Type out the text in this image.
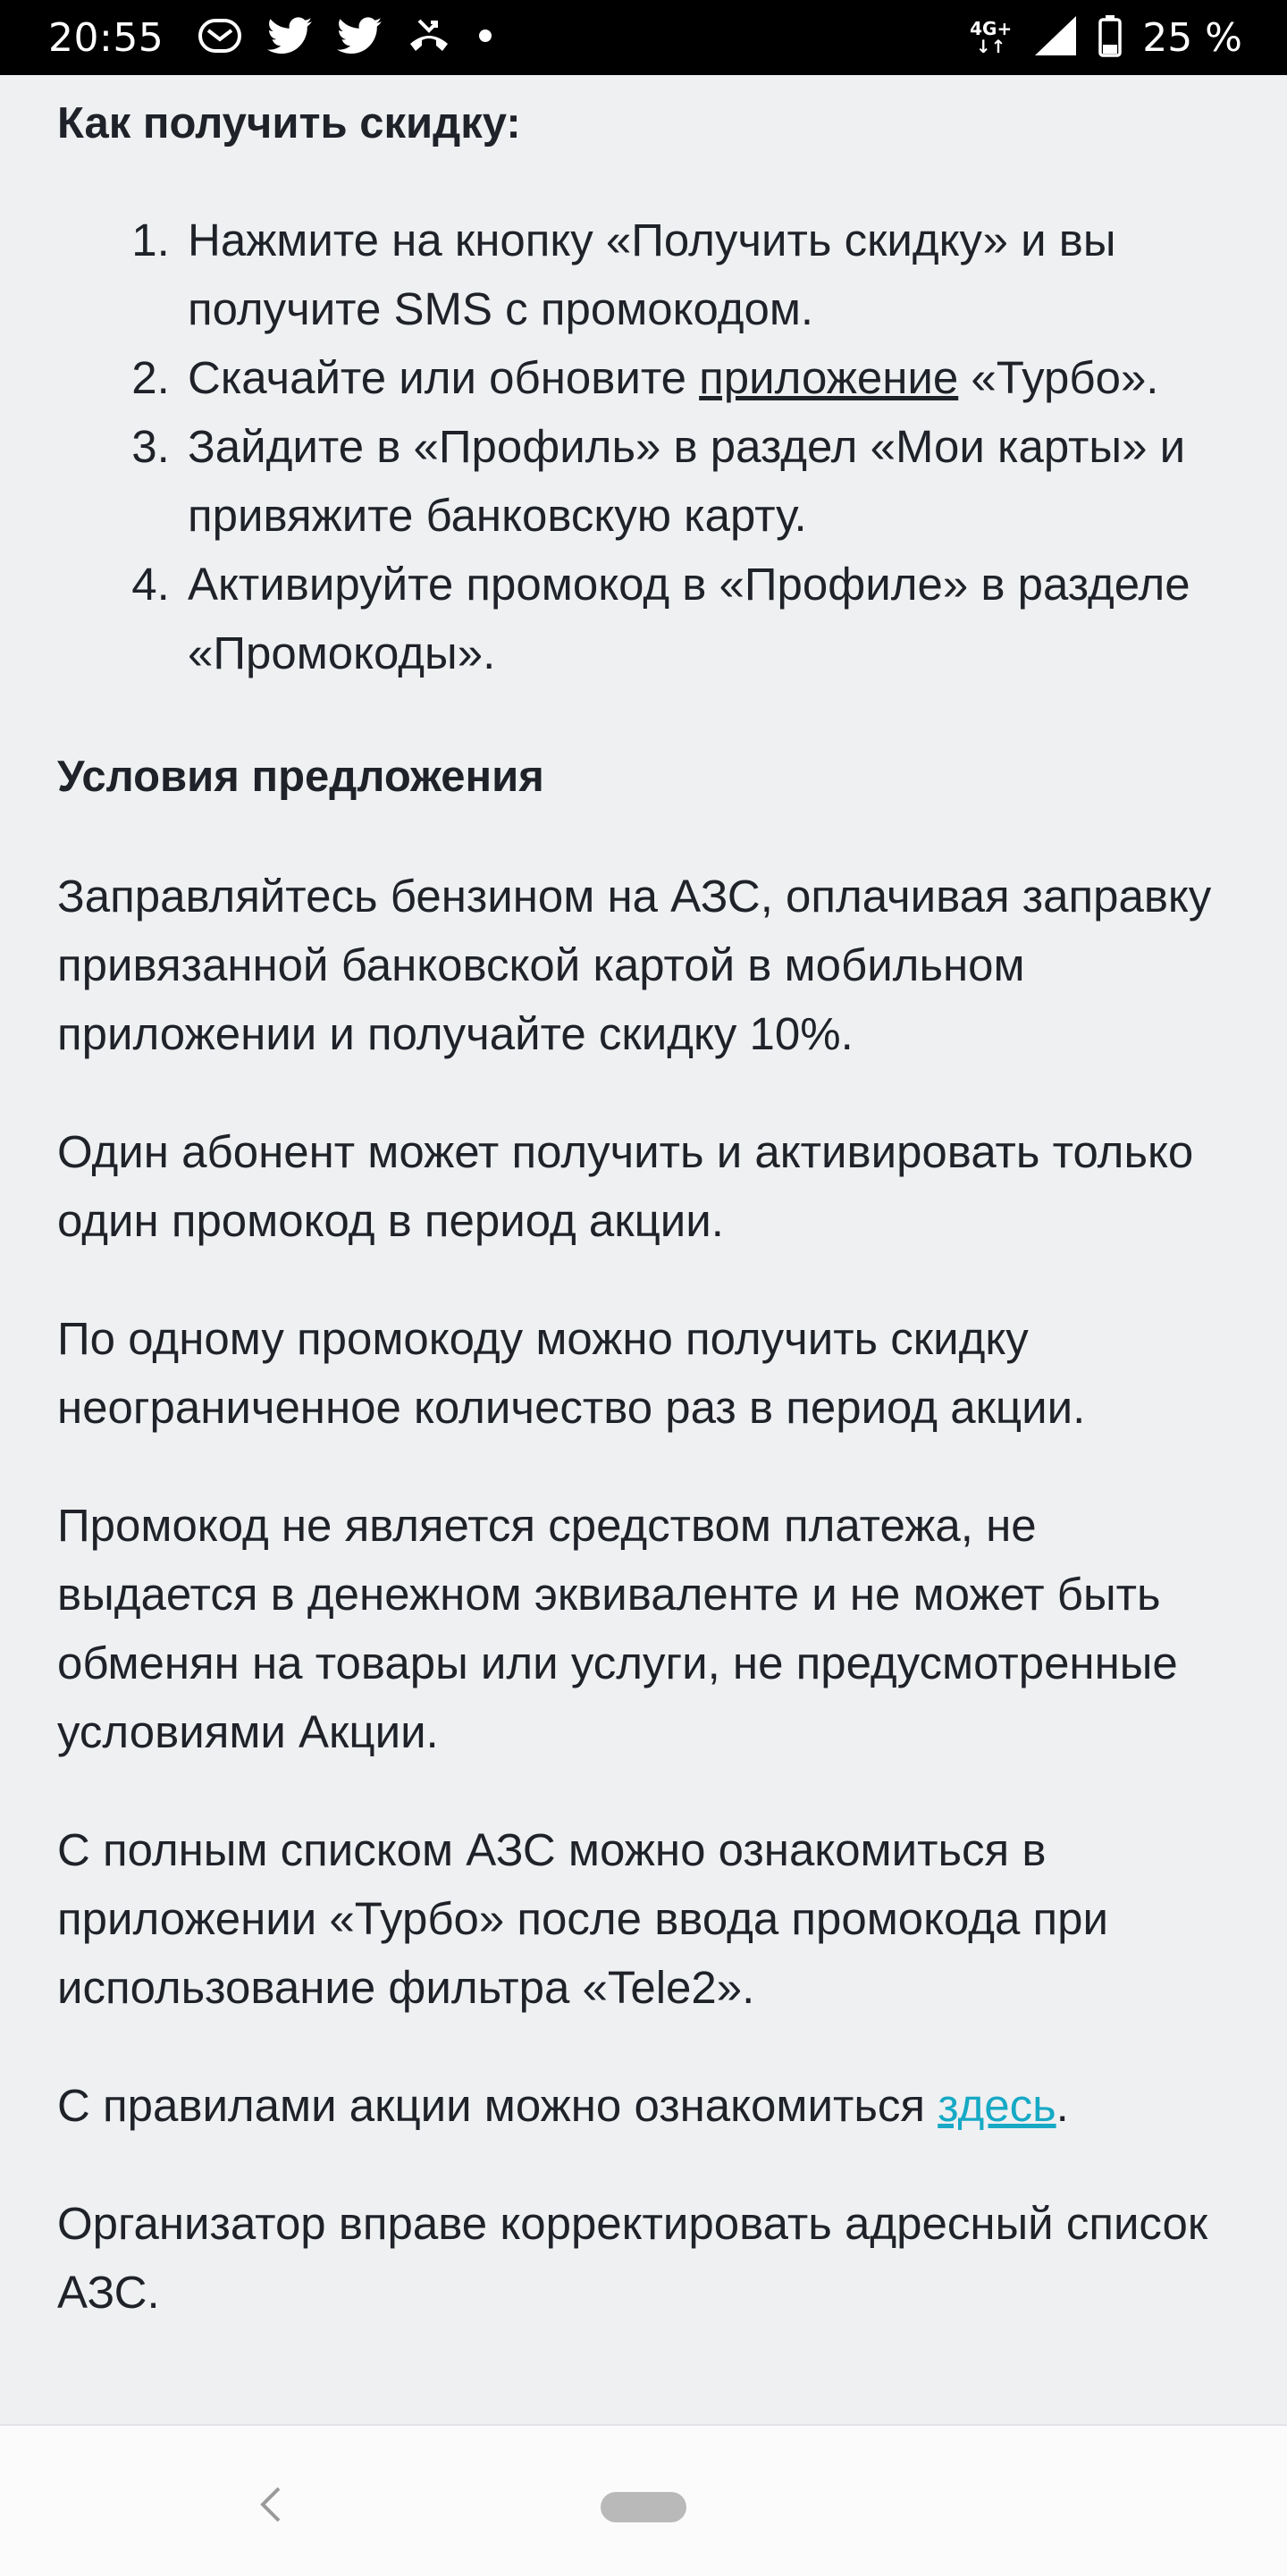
20:55	4G+
↓↑	25 %
Как получить скидку:
1. Нажмите на кнопку «Получить скидку» и вы получите SMS с промокодом.
2. Скачайте или обновите приложение «Турбо».
3. Зайдите в «Профиль» в раздел «Мои карты» и привяжите банковскую карту.
4. Активируйте промокод в «Профиле» в разделе «Промокоды».
Условия предложения

Заправляйтесь бензином на АЗС, оплачивая заправку привязанной банковской картой в мобильном приложении и получайте скидку 10%.

Один абонент может получить и активировать только один промокод в период акции.

По одному промокоду можно получить скидку неограниченное количество раз в период акции.

Промокод не является средством платежа, не выдается в денежном эквиваленте и не может быть обменян на товары или услуги, не предусмотренные условиями Акции.

С полным списком АЗС можно ознакомиться в приложении «Турбо» после ввода промокода при использование фильтра «Tele2».

С правилами акции можно ознакомиться здесь.

Организатор вправе корректировать адресный список АЗС.
